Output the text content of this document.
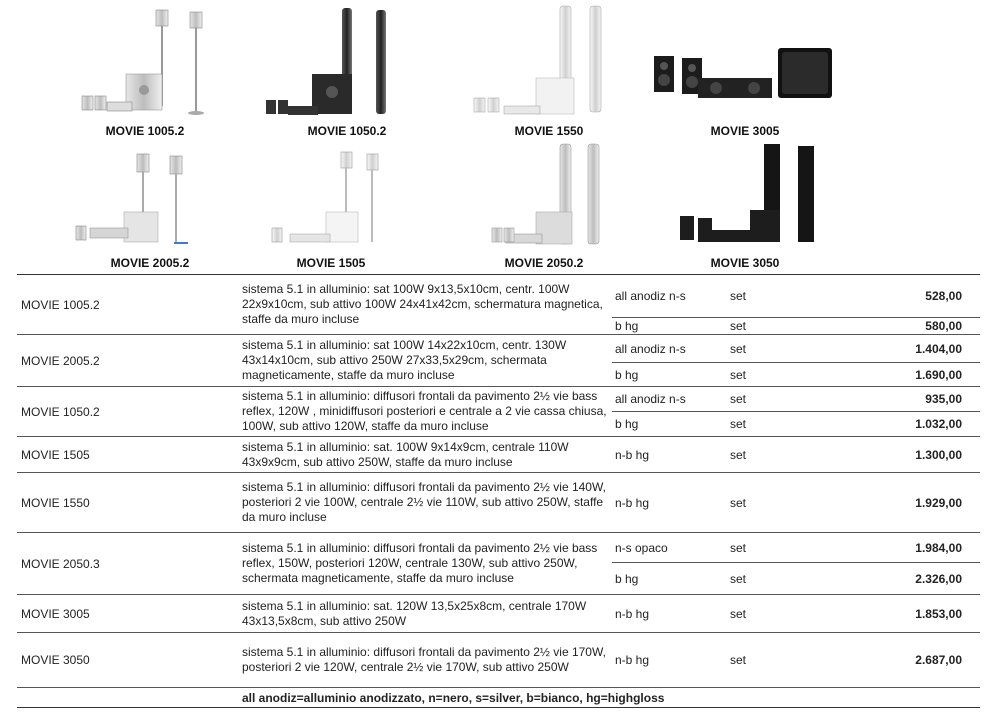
MOVIE 1005.2	MOVIE 1050.2	MOVIE 1550	MOVIE 3005
MOVIE 2005.2	MOVIE 1505	MOVIE 2050.2	MOVIE 3050
MOVIE 1005.2	sistema 5.1 in alluminio: sat 100W 9x13,5x10cm, centr. 100W 22x9x10cm, sub attivo 100W 24x41x42cm, schermatura magnetica, staffe da muro incluse	all anodiz n-s	set	528,00
		b hg	set	580,00
MOVIE 2005.2	sistema 5.1 in alluminio: sat 100W 14x22x10cm, centr. 130W 43x14x10cm, sub attivo 250W 27x33,5x29cm, schermata magneticamente, staffe da muro incluse	all anodiz n-s	set	1.404,00
		b hg	set	1.690,00
MOVIE 1050.2	sistema 5.1 in alluminio: diffusori frontali da pavimento 2½ vie bass reflex, 120W , minidiffusori posteriori e centrale a 2 vie cassa chiusa, 100W, sub attivo 120W, staffe da muro incluse	all anodiz n-s	set	935,00
		b hg	set	1.032,00
MOVIE 1505	sistema 5.1 in alluminio: sat. 100W 9x14x9cm, centrale 110W 43x9x9cm, sub attivo 250W, staffe da muro incluse	n-b hg	set	1.300,00
MOVIE 1550	sistema 5.1 in alluminio: diffusori frontali da pavimento 2½ vie 140W, posteriori 2 vie 100W, centrale 2½ vie 110W, sub attivo 250W, staffe da muro incluse	n-b hg	set	1.929,00
MOVIE 2050.3	sistema 5.1 in alluminio: diffusori frontali da pavimento 2½ vie bass reflex, 150W, posteriori 120W, centrale 130W, sub attivo 250W, schermata magneticamente, staffe da muro incluse	n-s opaco	set	1.984,00
		b hg	set	2.326,00
MOVIE 3005	sistema 5.1 in alluminio: sat. 120W 13,5x25x8cm, centrale 170W 43x13,5x8cm, sub attivo 250W	n-b hg	set	1.853,00
MOVIE 3050	sistema 5.1 in alluminio: diffusori frontali da pavimento 2½ vie 170W, posteriori 2 vie 120W, centrale 2½ vie 170W, sub attivo 250W	n-b hg	set	2.687,00
	all anodiz=alluminio anodizzato, n=nero, s=silver, b=bianco, hg=highgloss			
